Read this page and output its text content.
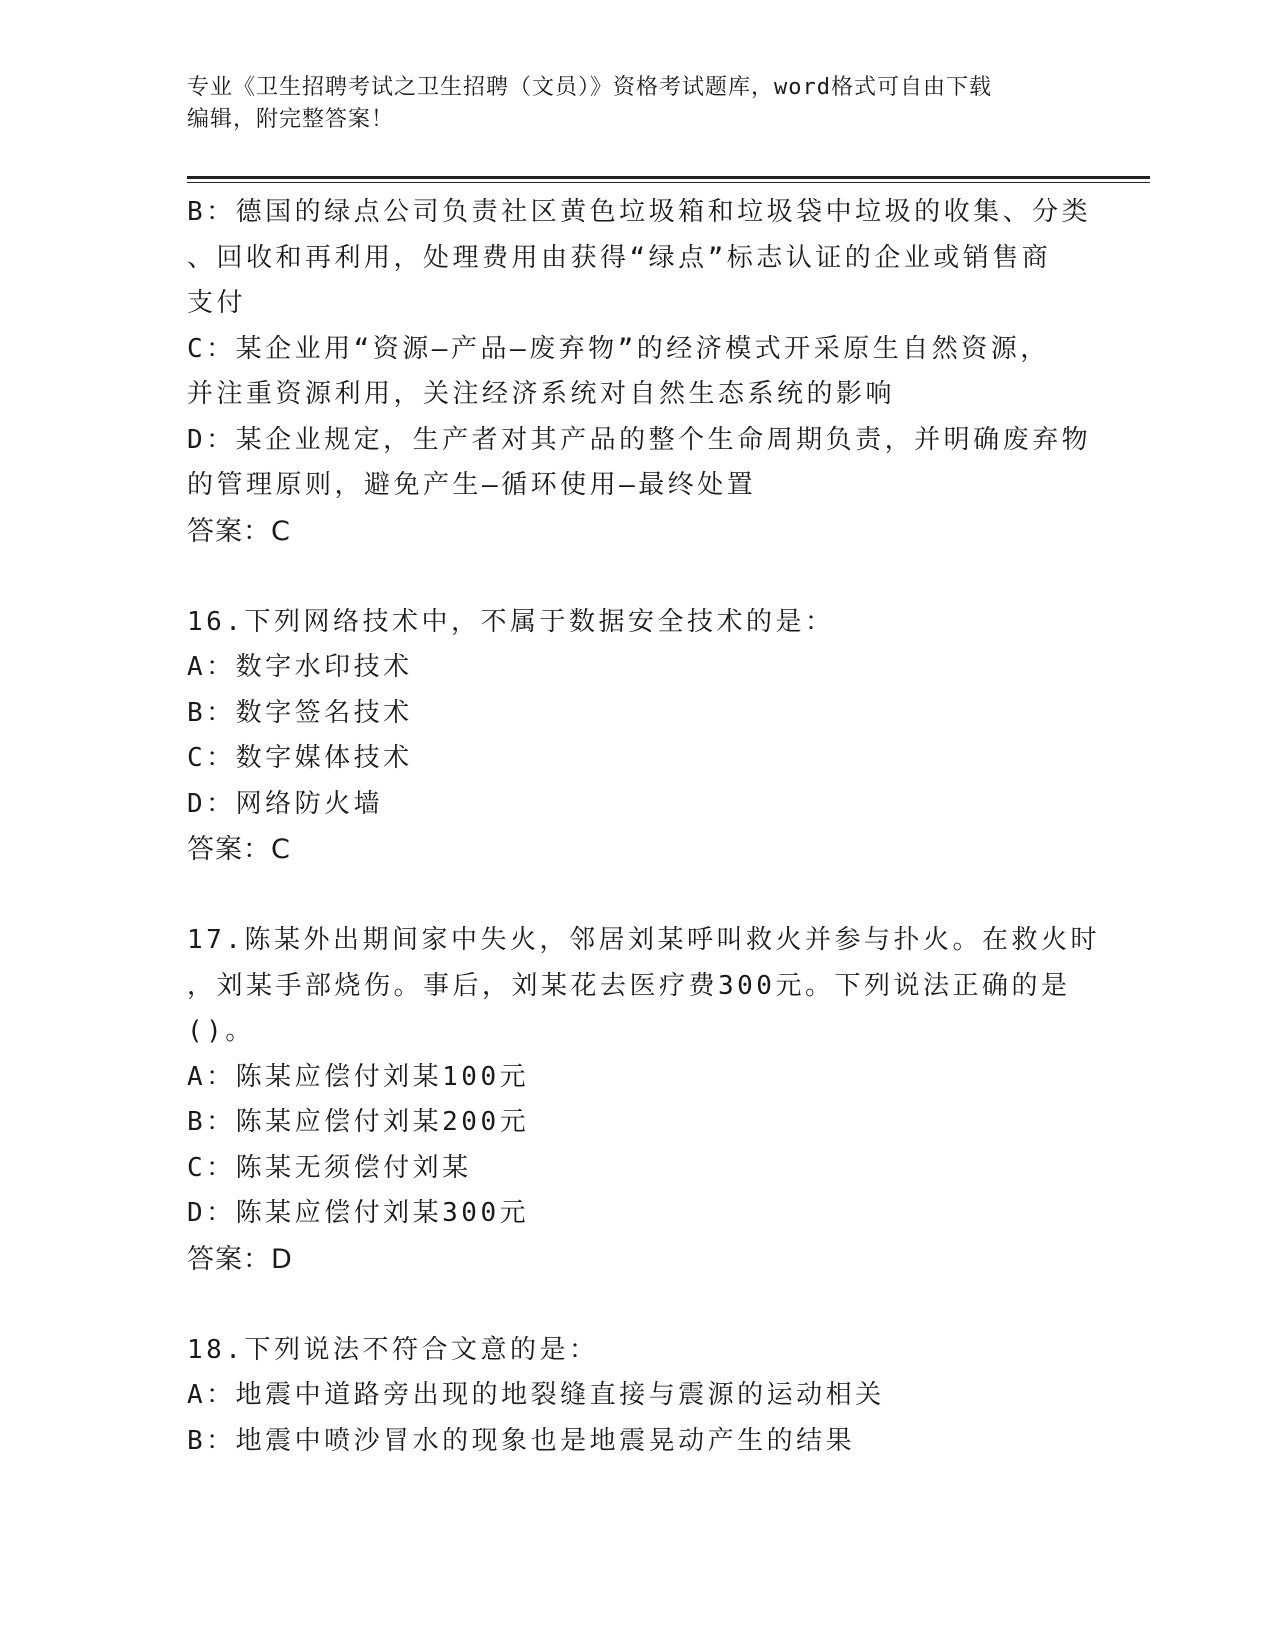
专业《卫生招聘考试之卫生招聘（文员）》资格考试题库，word格式可自由下载
编辑，附完整答案！
B：德国的绿点公司负责社区黄色垃圾箱和垃圾袋中垃圾的收集、分类
、回收和再利用，处理费用由获得“绿点”标志认证的企业或销售商
支付
C：某企业用“资源—产品—废弃物”的经济模式开采原生自然资源，
并注重资源利用，关注经济系统对自然生态系统的影响
D：某企业规定，生产者对其产品的整个生命周期负责，并明确废弃物
的管理原则，避免产生—循环使用—最终处置
答案：C
16.下列网络技术中，不属于数据安全技术的是：
A：数字水印技术
B：数字签名技术
C：数字媒体技术
D：网络防火墙
答案：C
17.陈某外出期间家中失火，邻居刘某呼叫救火并参与扑火。在救火时
，刘某手部烧伤。事后，刘某花去医疗费300元。下列说法正确的是
()。
A：陈某应偿付刘某100元
B：陈某应偿付刘某200元
C：陈某无须偿付刘某
D：陈某应偿付刘某300元
答案：D
18.下列说法不符合文意的是：
A：地震中道路旁出现的地裂缝直接与震源的运动相关
B：地震中喷沙冒水的现象也是地震晃动产生的结果
